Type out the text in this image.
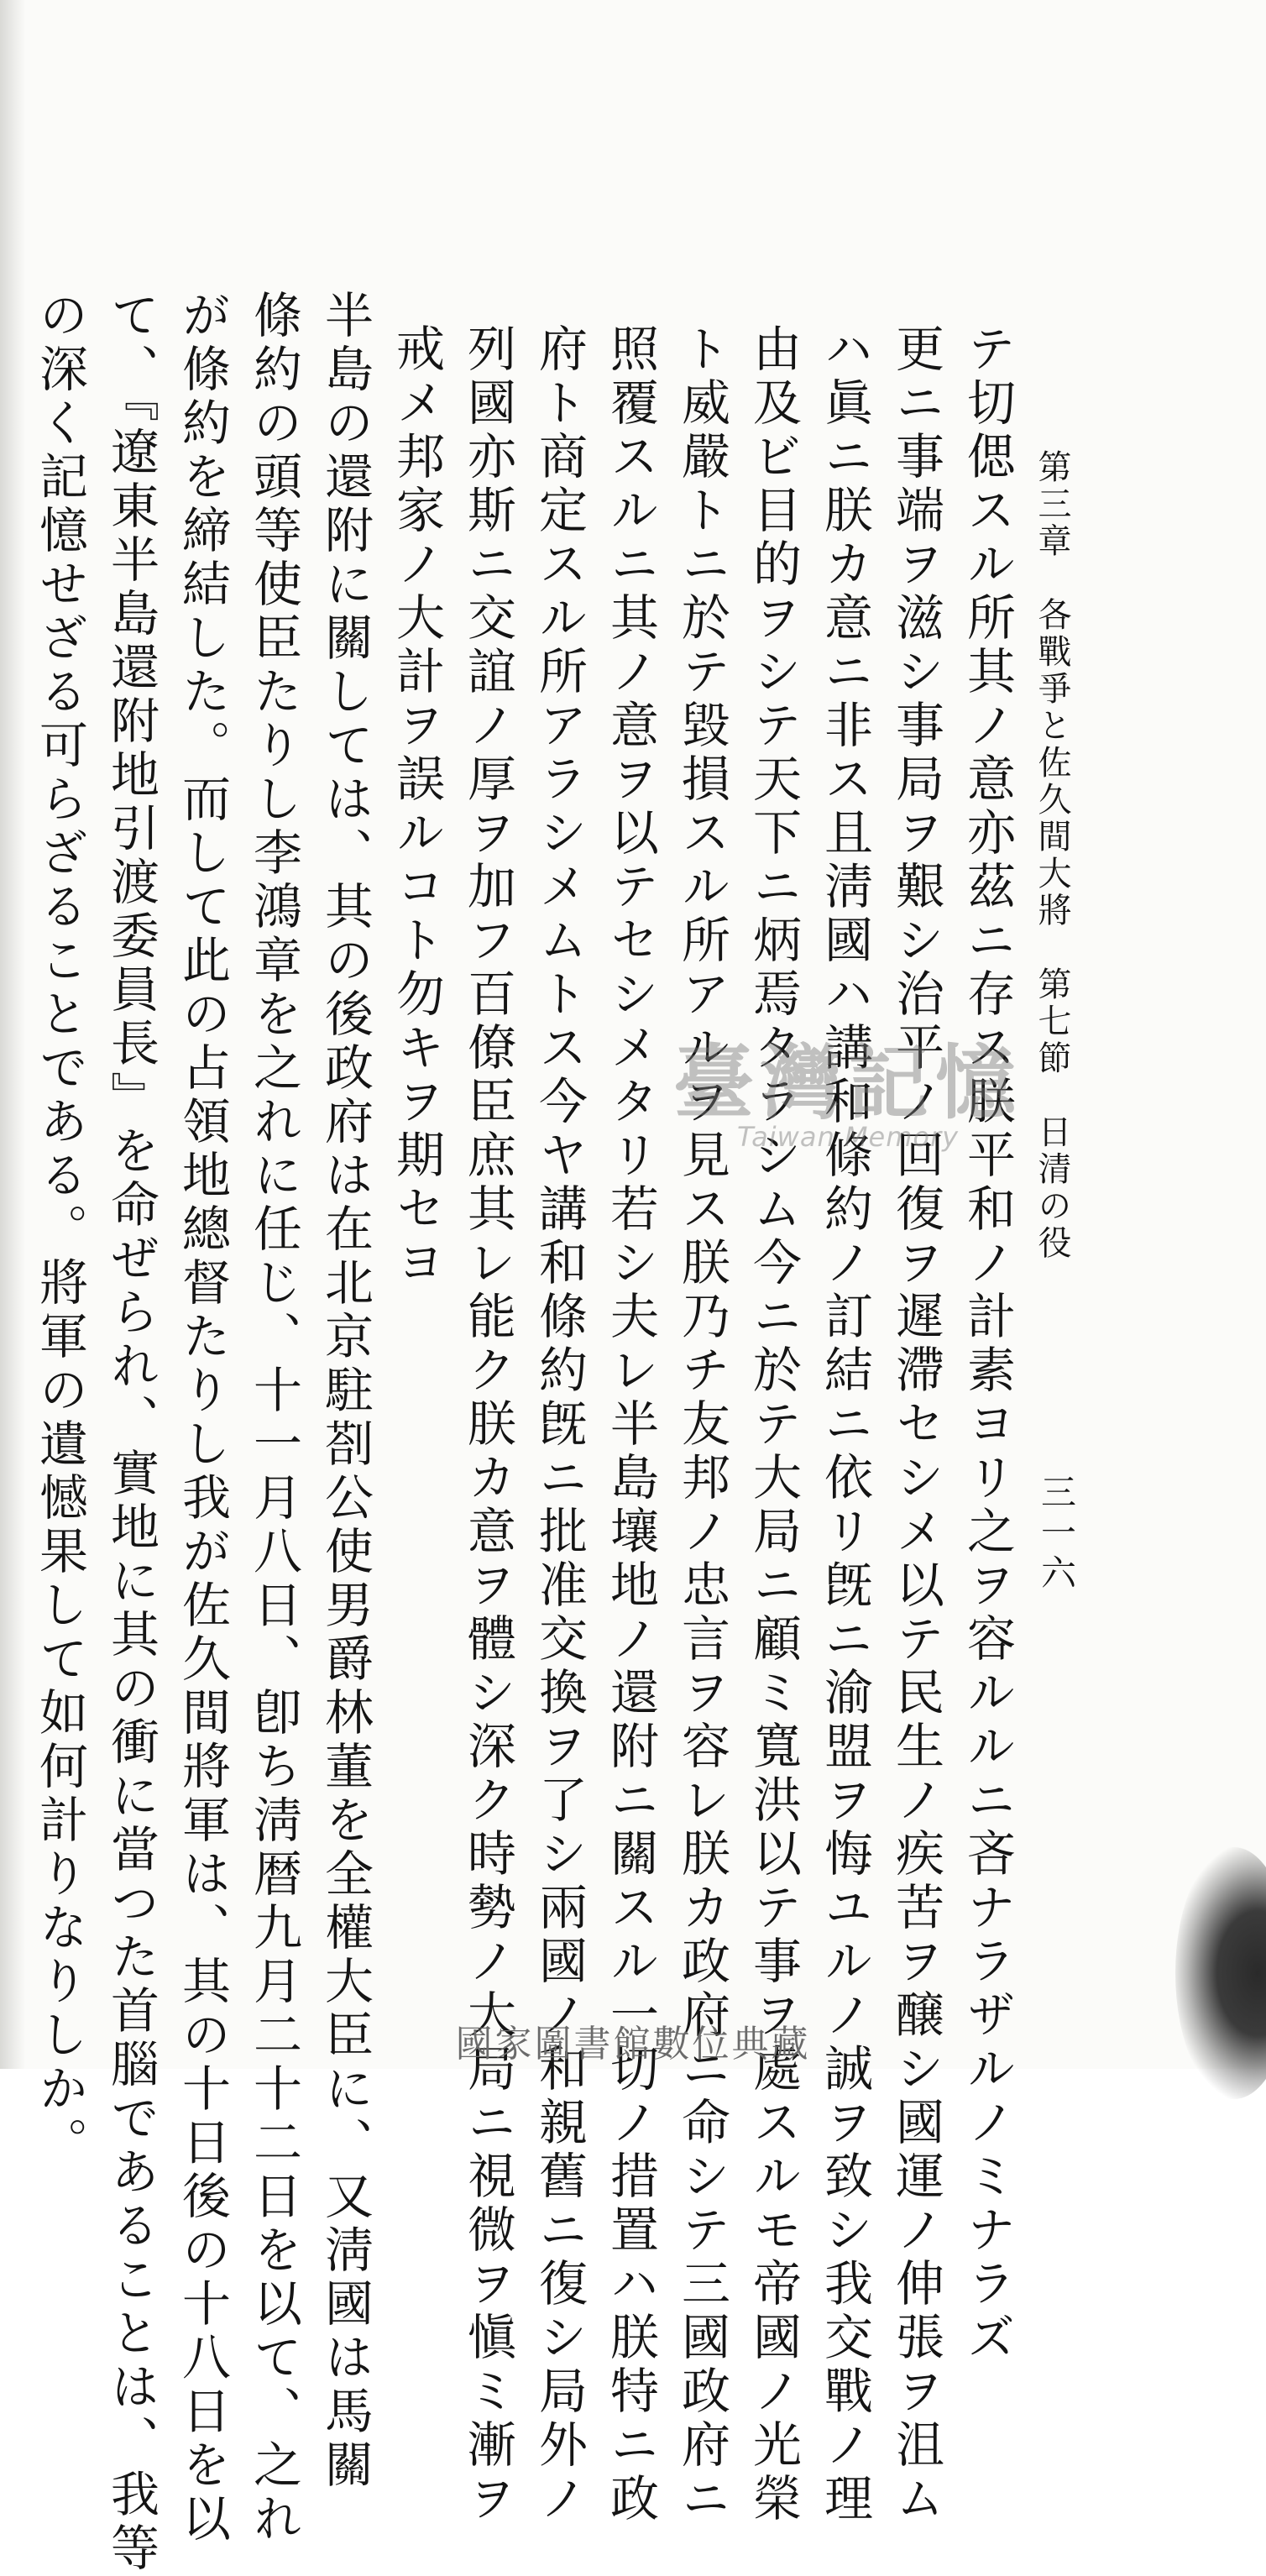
第三章　各戰爭と佐久間大將　第七節　日清の役
三一六
テ切偲スル所其ノ意亦茲ニ存ス朕平和ノ計素ヨリ之ヲ容ルルニ吝ナラザルノミナラズ
更ニ事端ヲ滋シ事局ヲ艱シ治平ノ回復ヲ遲滯セシメ以テ民生ノ疾苦ヲ醸シ國運ノ伸張ヲ沮ム
ハ眞ニ朕カ意ニ非ス且淸國ハ講和條約ノ訂結ニ依リ旣ニ渝盟ヲ悔ユルノ誠ヲ致シ我交戰ノ理
由及ビ目的ヲシテ天下ニ炳焉タラシム今ニ於テ大局ニ顧ミ寬洪以テ事ヲ處スルモ帝國ノ光榮
ト威嚴トニ於テ毀損スル所アルヲ見ス朕乃チ友邦ノ忠言ヲ容レ朕カ政府ニ命シテ三國政府ニ
照覆スルニ其ノ意ヲ以テセシメタリ若シ夫レ半島壤地ノ還附ニ關スル一切ノ措置ハ朕特ニ政
府ト商定スル所アラシメムトス今ヤ講和條約旣ニ批准交換ヲ了シ兩國ノ和親舊ニ復シ局外ノ
列國亦斯ニ交誼ノ厚ヲ加フ百僚臣庶其レ能ク朕カ意ヲ體シ深ク時勢ノ大局ニ視微ヲ愼ミ漸ヲ
戒メ邦家ノ大計ヲ誤ルコト勿キヲ期セヨ
半島の還附に關しては、其の後政府は在北京駐剳公使男爵林董を全權大臣に、又淸國は馬關
條約の頭等使臣たりし李鴻章を之れに任じ、十一月八日、卽ち淸暦九月二十二日を以て、之れ
が條約を締結した。而して此の占領地總督たりし我が佐久間將軍は、其の十日後の十八日を以
て、『遼東半島還附地引渡委員長』を命ぜられ、實地に其の衝に當つた首腦であることは、我等
の深く記憶せざる可らざることである。將軍の遺憾果して如何計りなりしか。	臺灣記憶
Taiwan Memory
國家圖書館數位典藏
